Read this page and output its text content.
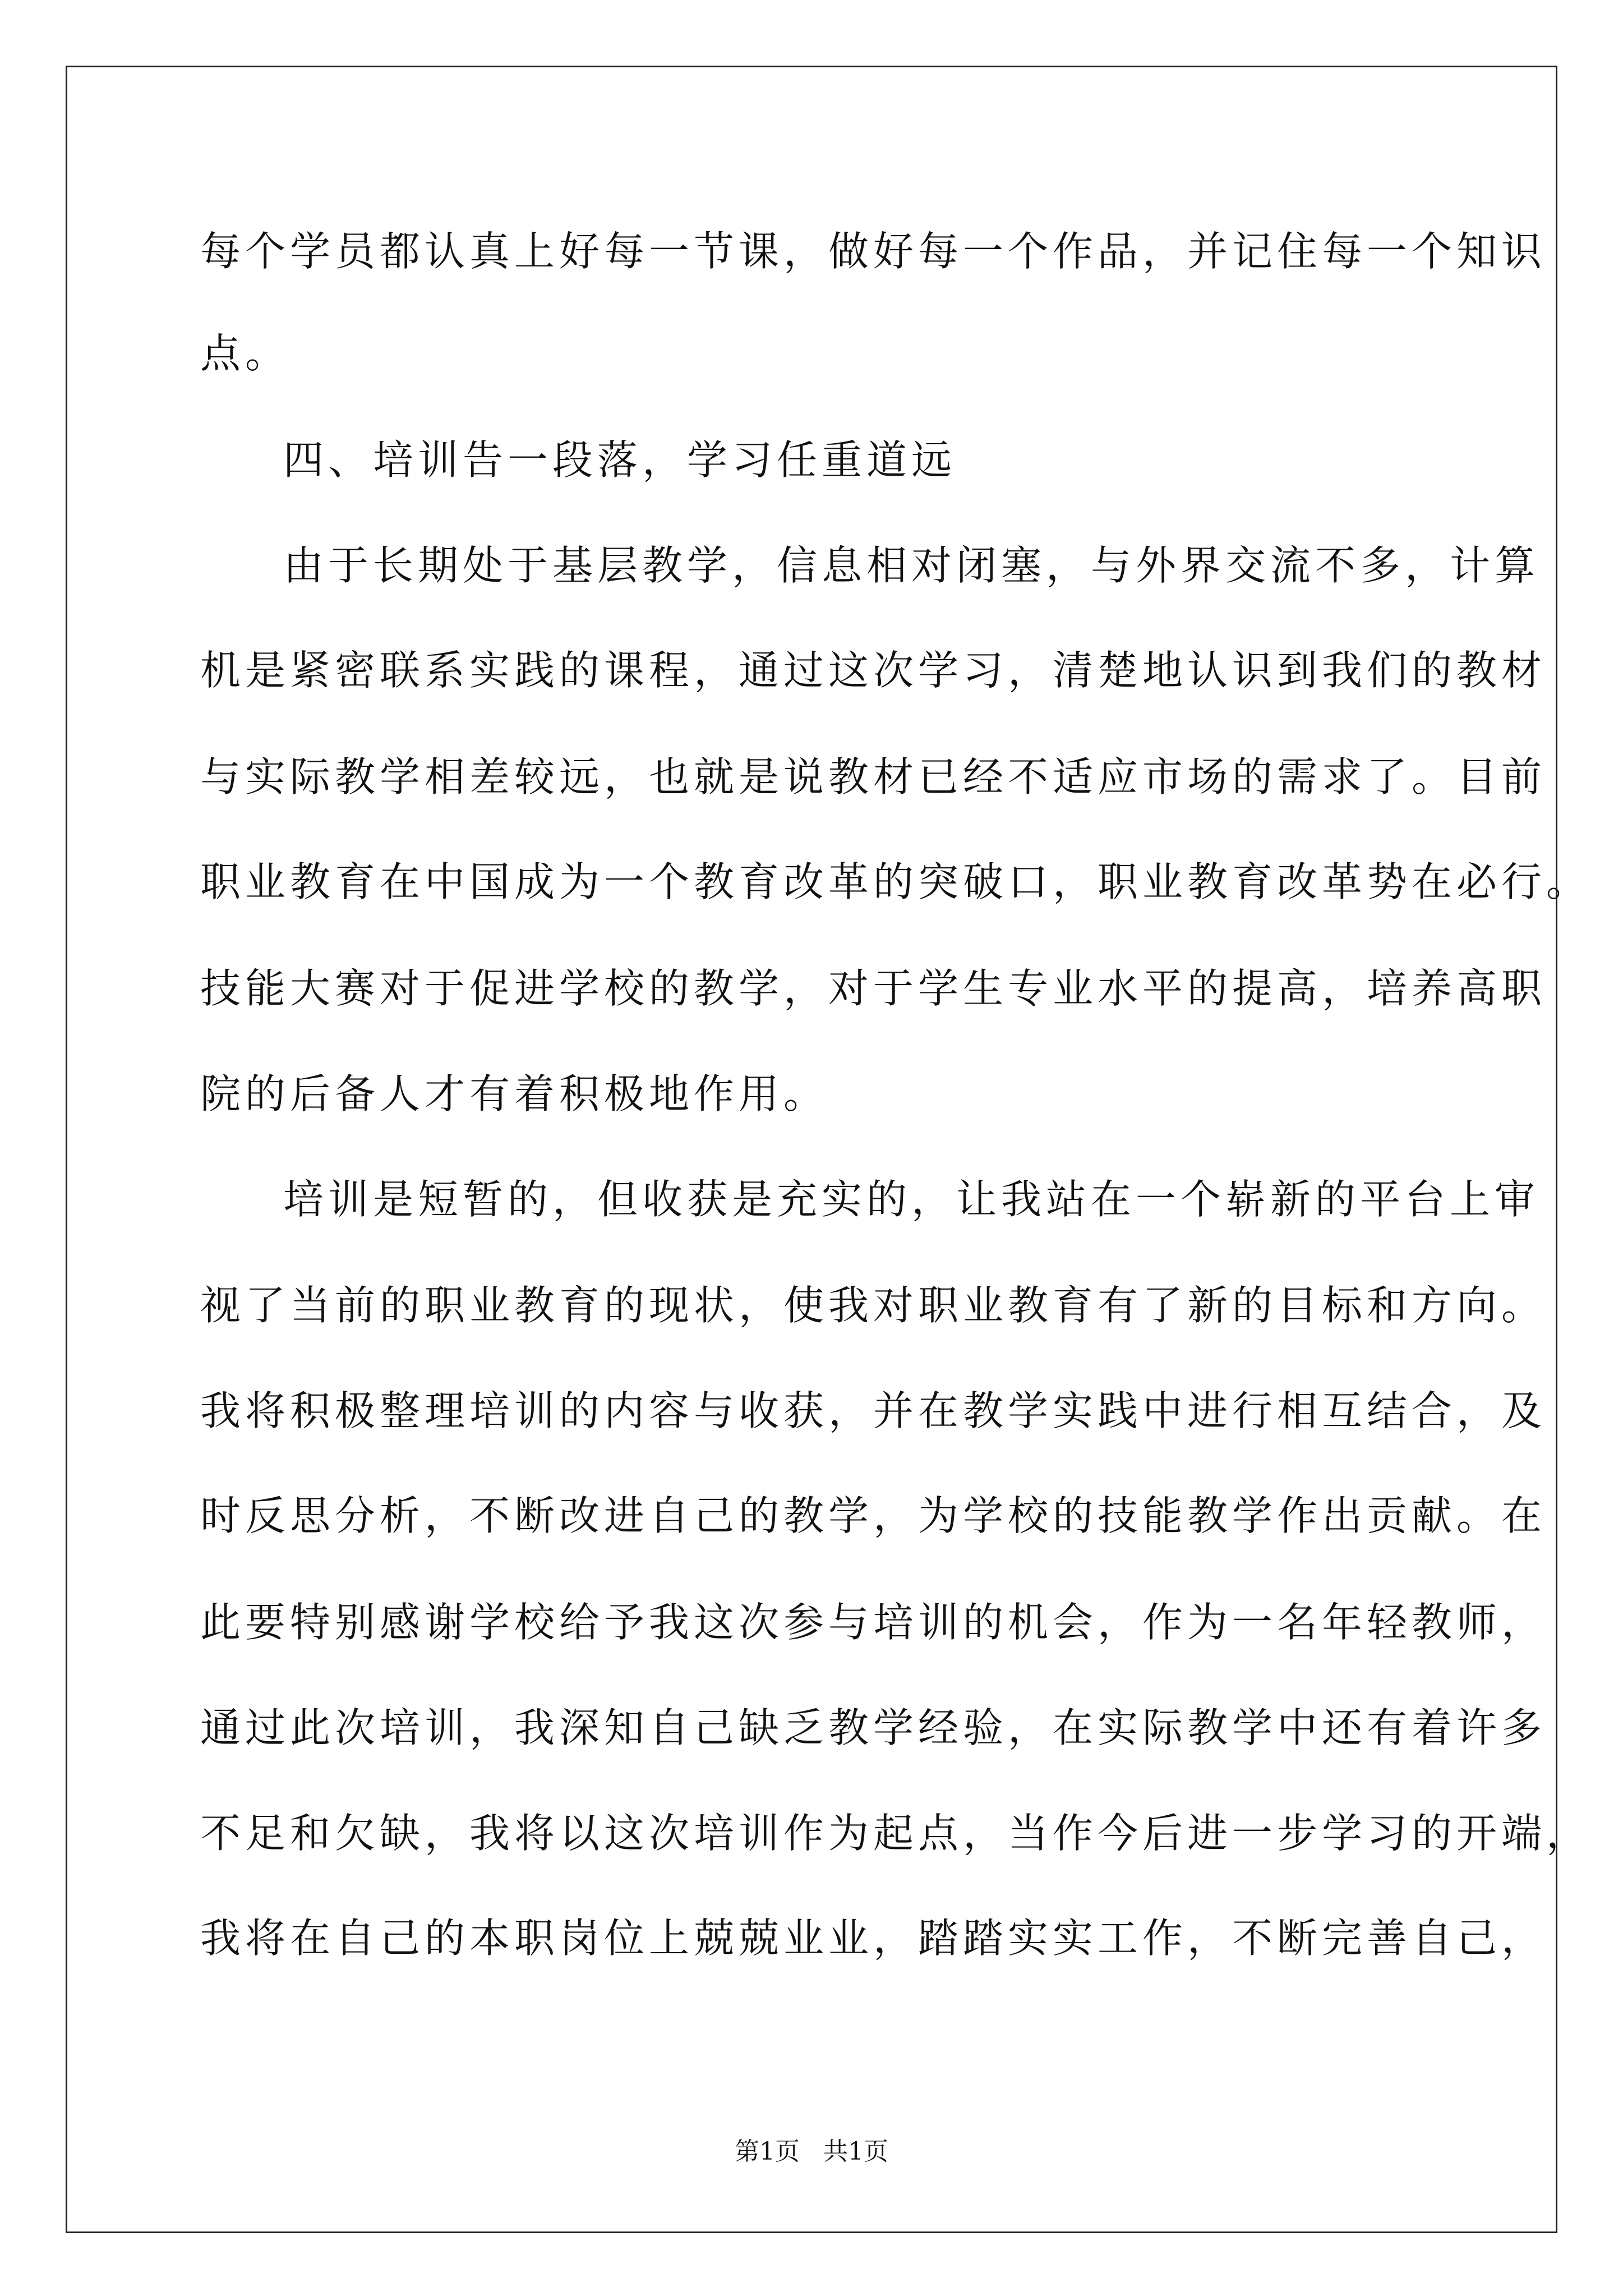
每个学员都认真上好每一节课，做好每一个作品，并记住每一个知识
点。
四、培训告一段落，学习任重道远
由于长期处于基层教学，信息相对闭塞，与外界交流不多，计算
机是紧密联系实践的课程，通过这次学习，清楚地认识到我们的教材
与实际教学相差较远，也就是说教材已经不适应市场的需求了。目前
职业教育在中国成为一个教育改革的突破口，职业教育改革势在必行。
技能大赛对于促进学校的教学，对于学生专业水平的提高，培养高职
院的后备人才有着积极地作用。
培训是短暂的，但收获是充实的，让我站在一个崭新的平台上审
视了当前的职业教育的现状，使我对职业教育有了新的目标和方向。
我将积极整理培训的内容与收获，并在教学实践中进行相互结合，及
时反思分析，不断改进自己的教学，为学校的技能教学作出贡献。在
此要特别感谢学校给予我这次参与培训的机会，作为一名年轻教师，
通过此次培训，我深知自己缺乏教学经验，在实际教学中还有着许多
不足和欠缺，我将以这次培训作为起点，当作今后进一步学习的开端，
我将在自己的本职岗位上兢兢业业，踏踏实实工作，不断完善自己，
第1页   共1页
